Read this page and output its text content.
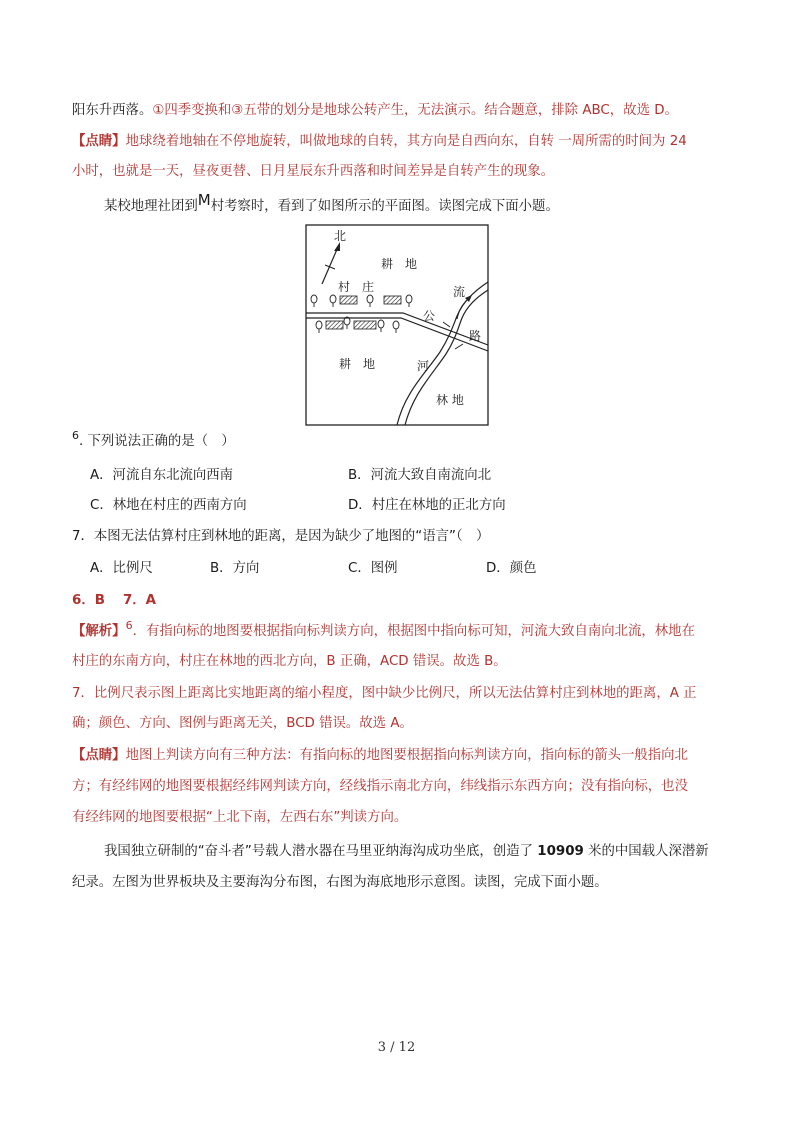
阳东升西落。①四季变换和③五带的划分是地球公转产生，无法演示。结合题意，排除 ABC，故选 D。
【点睛】地球绕着地轴在不停地旋转，叫做地球的自转，其方向是自西向东，自转 一周所需的时间为 24
小时，也就是一天，昼夜更替、日月星辰东升西落和时间差异是自转产生的现象。
某校地理社团到M村考察时，看到了如图所示的平面图。读图完成下面小题。
北
耕　地
村　庄
公
路
流
河
耕　地
林 地
$^6$. 下列说法正确的是（　）
A．河流自东北流向西南	B．河流大致自南流向北
C．林地在村庄的西南方向	D．村庄在林地的正北方向
7．本图无法估算村庄到林地的距离，是因为缺少了地图的“语言”（　）
A．比例尺	B．方向	C．图例	D．颜色
6．B　 7．A
【解析】$^6$．有指向标的地图要根据指向标判读方向，根据图中指向标可知，河流大致自南向北流，林地在
村庄的东南方向，村庄在林地的西北方向，B 正确，ACD 错误。故选 B。
7．比例尺表示图上距离比实地距离的缩小程度，图中缺少比例尺，所以无法估算村庄到林地的距离，A 正
确；颜色、方向、图例与距离无关，BCD 错误。故选 A。
【点睛】地图上判读方向有三种方法：有指向标的地图要根据指向标判读方向，指向标的箭头一般指向北
方；有经纬网的地图要根据经纬网判读方向，经线指示南北方向，纬线指示东西方向；没有指向标，也没
有经纬网的地图要根据“上北下南，左西右东”判读方向。
我国独立研制的“奋斗者”号载人潜水器在马里亚纳海沟成功坐底，创造了 10909 米的中国载人深潜新
纪录。左图为世界板块及主要海沟分布图，右图为海底地形示意图。读图，完成下面小题。
3 / 12
